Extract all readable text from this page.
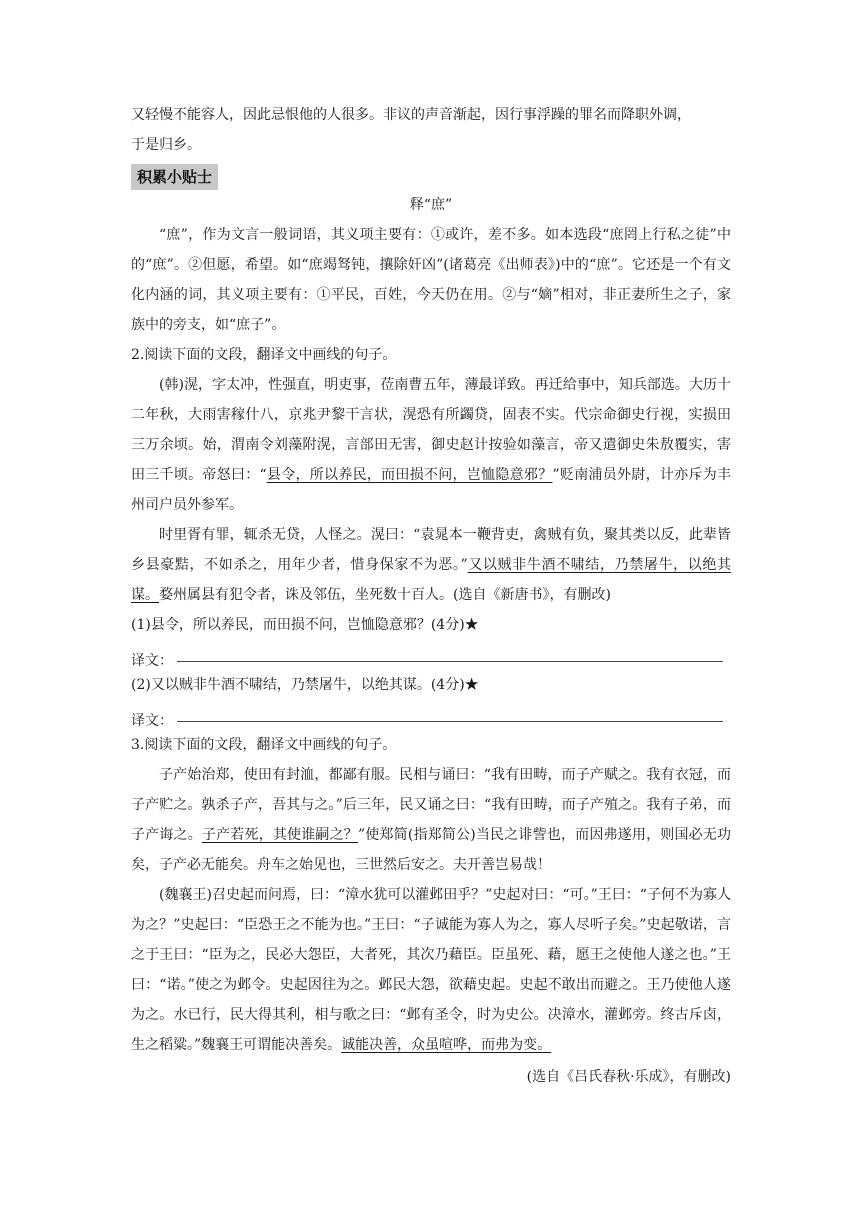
又轻慢不能容人，因此忌恨他的人很多。非议的声音渐起，因行事浮躁的罪名而降职外调，

于是归乡。

积累小贴士

释“庶”

“庶”，作为文言一般词语，其义项主要有：①或许，差不多。如本选段“庶罔上行私之徒”中的“庶”。②但愿，希望。如“庶竭驽钝，攘除奸凶”(诸葛亮《出师表》)中的“庶”。它还是一个有文化内涵的词，其义项主要有：①平民，百姓，今天仍在用。②与“嫡”相对，非正妻所生之子，家族中的旁支，如“庶子”。

2.阅读下面的文段，翻译文中画线的句子。

(韩)滉，字太冲，性强直，明吏事，莅南曹五年，薄最详致。再迁给事中，知兵部选。大历十二年秋，大雨害稼什八，京兆尹黎干言状，滉恐有所蠲贷，固表不实。代宗命御史行视，实损田三万余顷。始，渭南令刘藻附滉，言部田无害，御史赵计按验如藻言，帝又遣御史朱敖覆实，害田三千顷。帝怒曰：“县令，所以养民，而田损不问，岂恤隐意邪？”贬南浦员外尉，计亦斥为丰州司户员外参军。

时里胥有罪，辄杀无贷，人怪之。滉曰：“袁晁本一鞭背吏，禽贼有负，聚其类以反，此辈皆乡县豪黠，不如杀之，用年少者，惜身保家不为恶。”又以贼非牛酒不啸结，乃禁屠牛，以绝其谋。婺州属县有犯令者，诛及邻伍，坐死数十百人。(选自《新唐书》，有删改)

(1)县令，所以养民，而田损不问，岂恤隐意邪？(4分)★

译文：

(2)又以贼非牛酒不啸结，乃禁屠牛，以绝其谋。(4分)★

译文：

3.阅读下面的文段，翻译文中画线的句子。

子产始治郑，使田有封洫，都鄙有服。民相与诵曰：“我有田畴，而子产赋之。我有衣冠，而子产贮之。孰杀子产，吾其与之。”后三年，民又诵之曰：“我有田畴，而子产殖之。我有子弟，而子产诲之。子产若死，其使谁嗣之？”使郑简(指郑简公)当民之诽訾也，而因弗遂用，则国必无功矣，子产必无能矣。舟车之始见也，三世然后安之。夫开善岂易哉！

(魏襄王)召史起而问焉，曰：“漳水犹可以灌邺田乎？”史起对曰：“可。”王曰：“子何不为寡人为之？”史起曰：“臣恐王之不能为也。”王曰：“子诚能为寡人为之，寡人尽听子矣。”史起敬诺，言之于王曰：“臣为之，民必大怨臣，大者死，其次乃藉臣。臣虽死、藉，愿王之使他人遂之也。”王曰：“诺。”使之为邺令。史起因往为之。邺民大怨，欲藉史起。史起不敢出而避之。王乃使他人遂为之。水已行，民大得其利，相与歌之曰：“邺有圣令，时为史公。决漳水，灌邺旁。终古斥卤，生之稻粱。”魏襄王可谓能决善矣。诚能决善，众虽喧哗，而弗为变。

(选自《吕氏春秋·乐成》，有删改)
